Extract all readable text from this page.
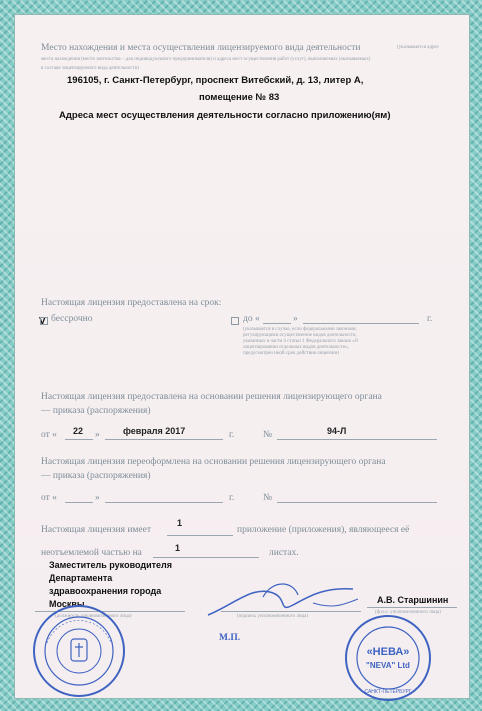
Место нахождения и места осуществления лицензируемого вида деятельности	(указываются адрес
места нахождения (место жительства – для индивидуального предпринимателя) и адреса мест осуществления работ (услуг), выполняемых (оказываемых)
в составе лицензируемого вида деятельности)
196105, г. Санкт-Петербург, проспект Витебский, д. 13, литер А,
помещение № 83
Адреса мест осуществления деятельности согласно приложению(ям)
Настоящая лицензия предоставлена на срок:
V бессрочно	до «	»	г.
(указывается в случае, если федеральными законами, регулирующими осуществление видов деятельности, указанных в части 4 статьи 1 Федерального закона «О лицензировании отдельных видов деятельности», предусмотрен иной срок действия лицензии)
Настоящая лицензия предоставлена на основании решения лицензирующего органа
— приказа (распоряжения)
от « 22 »	февраля 2017	г.	№	94-Л
Настоящая лицензия переоформлена на основании решения лицензирующего органа
— приказа (распоряжения)
от «	»	г.	№
Настоящая лицензия имеет
1
приложение (приложения), являющееся её
неотъемлемой частью на	1	листах.
Заместитель руководителя
Департамента
здравоохранения города
Москвы
(должность уполномоченного лица)	(подпись уполномоченного лица)
А.В. Старшинин
(ф.и.о. уполномоченного лица)
М.П.
«НЕВА»
"NEVA" Ltd
САНКТ-ПЕТЕРБУРГ
